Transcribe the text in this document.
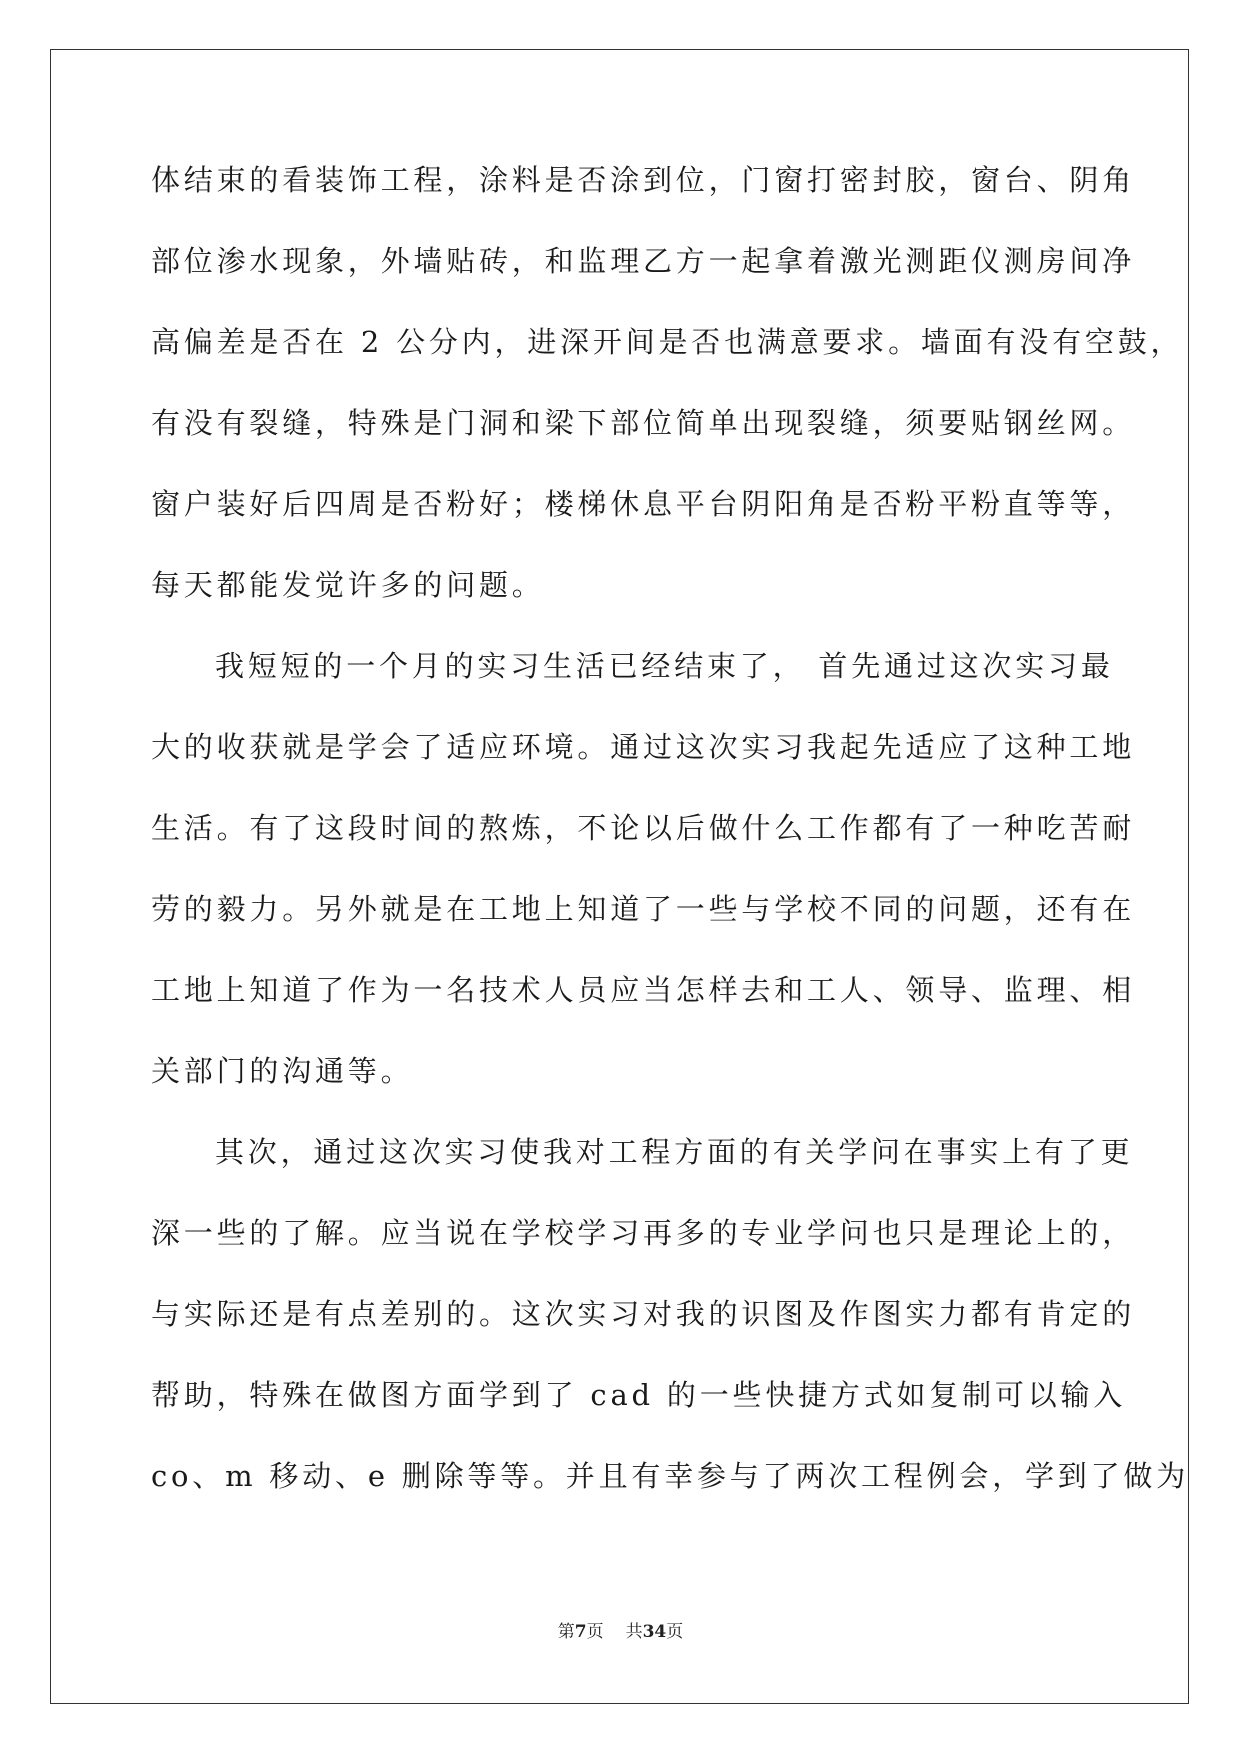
体结束的看装饰工程，涂料是否涂到位，门窗打密封胶，窗台、阴角
部位渗水现象，外墙贴砖，和监理乙方一起拿着激光测距仪测房间净
高偏差是否在 2 公分内，进深开间是否也满意要求。墙面有没有空鼓，
有没有裂缝，特殊是门洞和梁下部位简单出现裂缝，须要贴钢丝网。
窗户装好后四周是否粉好；楼梯休息平台阴阳角是否粉平粉直等等，
每天都能发觉许多的问题。
我短短的一个月的实习生活已经结束了， 首先通过这次实习最
大的收获就是学会了适应环境。通过这次实习我起先适应了这种工地
生活。有了这段时间的熬炼，不论以后做什么工作都有了一种吃苦耐
劳的毅力。另外就是在工地上知道了一些与学校不同的问题，还有在
工地上知道了作为一名技术人员应当怎样去和工人、领导、监理、相
关部门的沟通等。
其次，通过这次实习使我对工程方面的有关学问在事实上有了更
深一些的了解。应当说在学校学习再多的专业学问也只是理论上的，
与实际还是有点差别的。这次实习对我的识图及作图实力都有肯定的
帮助，特殊在做图方面学到了 cad 的一些快捷方式如复制可以输入
co、m 移动、e 删除等等。并且有幸参与了两次工程例会，学到了做为
第7页 共34页
